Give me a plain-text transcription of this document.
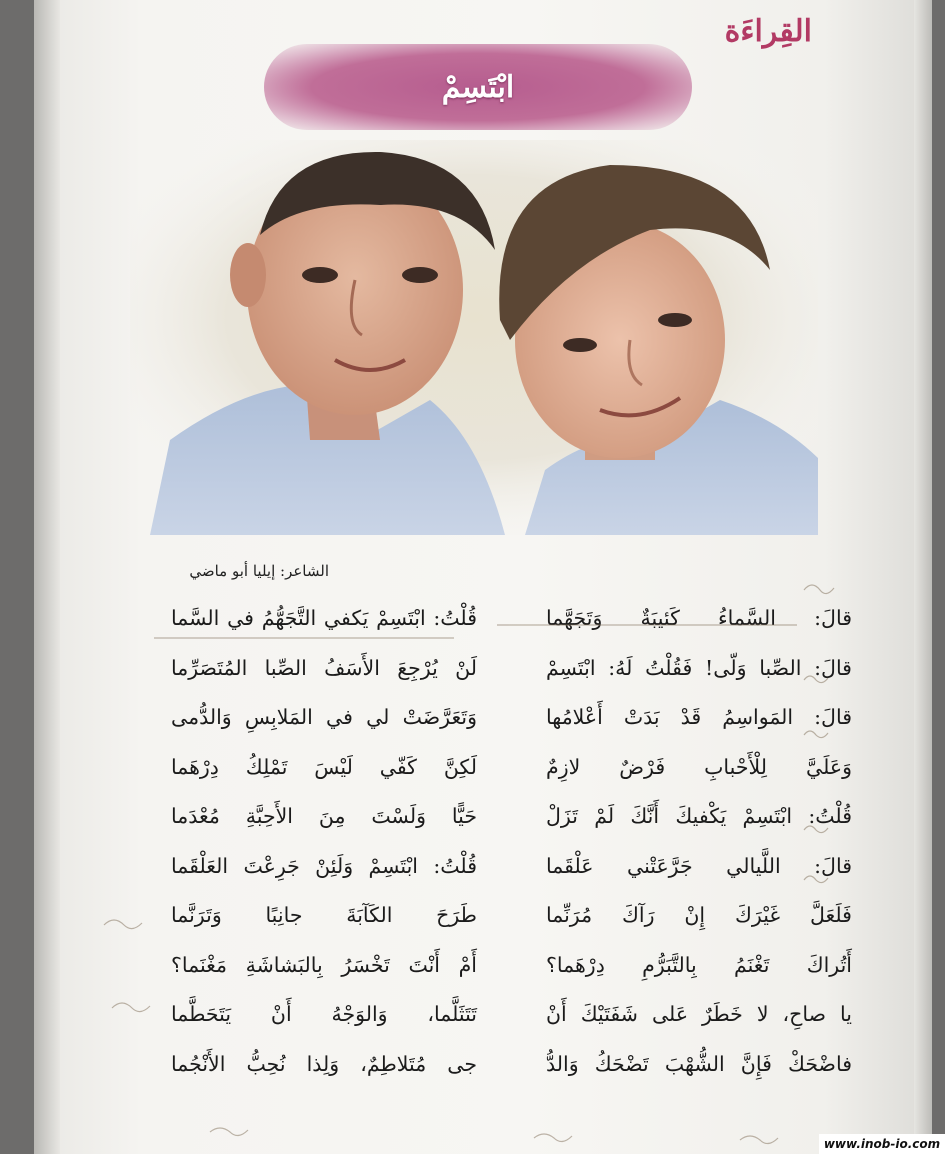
القِراءَة
ابْتَسِمْ
الشاعر: إيليا أبو ماضي
قالَ: السَّماءُ كَئيبَةٌ وَتَجَهَّما
قُلْتُ: ابْتَسِمْ يَكفي التَّجَهُّمُ في السَّما
قالَ: الصِّبا وَلّى! فَقُلْتُ لَهُ: ابْتَسِمْ
لَنْ يُرْجِعَ الأَسَفُ الصِّبا المُتَصَرِّما
قالَ: المَواسِمُ قَدْ بَدَتْ أَعْلامُها
وَتَعَرَّضَتْ لي في المَلابِسِ وَالدُّمى
وَعَلَيَّ لِلْأَحْبابِ فَرْضٌ لازِمٌ
لَكِنَّ كَفّي لَيْسَ تَمْلِكُ دِرْهَما
قُلْتُ: ابْتَسِمْ يَكْفيكَ أَنَّكَ لَمْ تَزَلْ
حَيًّا وَلَسْتَ مِنَ الأَحِبَّةِ مُعْدَما
قالَ: اللَّيالي جَرَّعَتْني عَلْقَما
قُلْتُ: ابْتَسِمْ وَلَئِنْ جَرِعْتَ العَلْقَما
فَلَعَلَّ غَيْرَكَ إِنْ رَآكَ مُرَنِّما
طَرَحَ الكَآبَةَ جانِبًا وَتَرَنَّما
أَتُراكَ تَغْنَمُ بِالتَّبَرُّمِ دِرْهَما؟
أَمْ أَنْتَ تَخْسَرُ بِالبَشاشَةِ مَغْنَما؟
يا صاحِ، لا خَطَرٌ عَلى شَفَتَيْكَ أَنْ
تَتَثَلَّما، وَالوَجْهُ أَنْ يَتَحَطَّما
فاضْحَكْ فَإِنَّ الشُّهْبَ تَضْحَكُ وَالدُّ
جى مُتَلاطِمٌ، وَلِذا نُحِبُّ الأَنْجُما
www.inob-io.com
